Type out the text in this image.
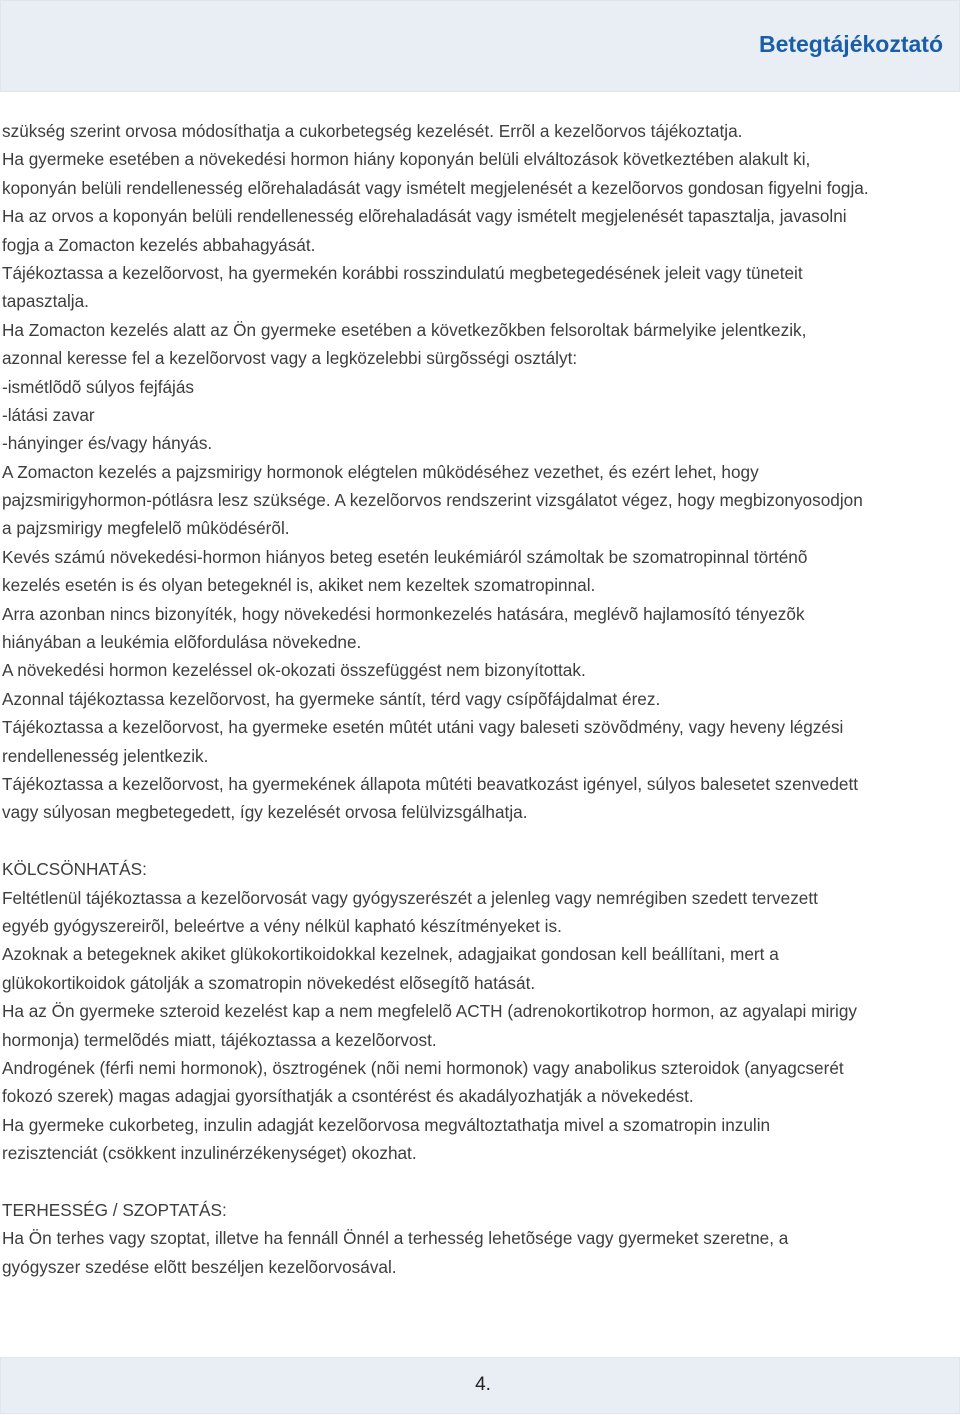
Betegtájékoztató

szükség szerint orvosa módosíthatja a cukorbetegség kezelését. Errõl a kezelõorvos tájékoztatja.

Ha gyermeke esetében a növekedési hormon hiány koponyán belüli elváltozások következtében alakult ki,

koponyán belüli rendellenesség elõrehaladását vagy ismételt megjelenését a kezelõorvos gondosan figyelni fogja.

Ha az orvos a koponyán belüli rendellenesség elõrehaladását vagy ismételt megjelenését tapasztalja, javasolni

fogja a Zomacton kezelés abbahagyását.

Tájékoztassa a kezelõorvost, ha gyermekén korábbi rosszindulatú megbetegedésének jeleit vagy tüneteit

tapasztalja.

Ha Zomacton kezelés alatt az Ön gyermeke esetében a következõkben felsoroltak bármelyike jelentkezik,

azonnal keresse fel a kezelõorvost vagy a legközelebbi sürgõsségi osztályt:

-ismétlõdõ súlyos fejfájás

-látási zavar

-hányinger és/vagy hányás.

A Zomacton kezelés a pajzsmirigy hormonok elégtelen mûködéséhez vezethet, és ezért lehet, hogy

pajzsmirigyhormon-pótlásra lesz szüksége. A kezelõorvos rendszerint vizsgálatot végez, hogy megbizonyosodjon

a pajzsmirigy megfelelõ mûködésérõl.

Kevés számú növekedési-hormon hiányos beteg esetén leukémiáról számoltak be szomatropinnal történõ

kezelés esetén is és olyan betegeknél is, akiket nem kezeltek szomatropinnal.

Arra azonban nincs bizonyíték, hogy növekedési hormonkezelés hatására, meglévõ hajlamosító tényezõk

hiányában a leukémia elõfordulása növekedne.

A növekedési hormon kezeléssel ok-okozati összefüggést nem bizonyítottak.

Azonnal tájékoztassa kezelõorvost, ha gyermeke sántít, térd vagy csípõfájdalmat érez.

Tájékoztassa a kezelõorvost, ha gyermeke esetén mûtét utáni vagy baleseti szövõdmény, vagy heveny légzési

rendellenesség jelentkezik.

Tájékoztassa a kezelõorvost, ha gyermekének állapota mûtéti beavatkozást igényel, súlyos balesetet szenvedett

vagy súlyosan megbetegedett, így kezelését orvosa felülvizsgálhatja.

KÖLCSÖNHATÁS:

Feltétlenül tájékoztassa a kezelõorvosát vagy gyógyszerészét a jelenleg vagy nemrégiben szedett tervezett

egyéb gyógyszereirõl, beleértve a vény nélkül kapható készítményeket is.

Azoknak a betegeknek akiket glükokortikoidokkal kezelnek, adagjaikat gondosan kell beállítani, mert a

glükokortikoidok gátolják a szomatropin növekedést elõsegítõ hatását.

Ha az Ön gyermeke szteroid kezelést kap a nem megfelelõ ACTH (adrenokortikotrop hormon, az agyalapi mirigy

hormonja) termelõdés miatt, tájékoztassa a kezelõorvost.

Androgének (férfi nemi hormonok), ösztrogének (nõi nemi hormonok) vagy anabolikus szteroidok (anyagcserét

fokozó szerek) magas adagjai gyorsíthatják a csontérést és akadályozhatják a növekedést.

Ha gyermeke cukorbeteg, inzulin adagját kezelõorvosa megváltoztathatja mivel a szomatropin inzulin

rezisztenciát (csökkent inzulinérzékenységet) okozhat.

TERHESSÉG / SZOPTATÁS:

Ha Ön terhes vagy szoptat, illetve ha fennáll Önnél a terhesség lehetõsége vagy gyermeket szeretne, a

gyógyszer szedése elõtt beszéljen kezelõorvosával.

4.
